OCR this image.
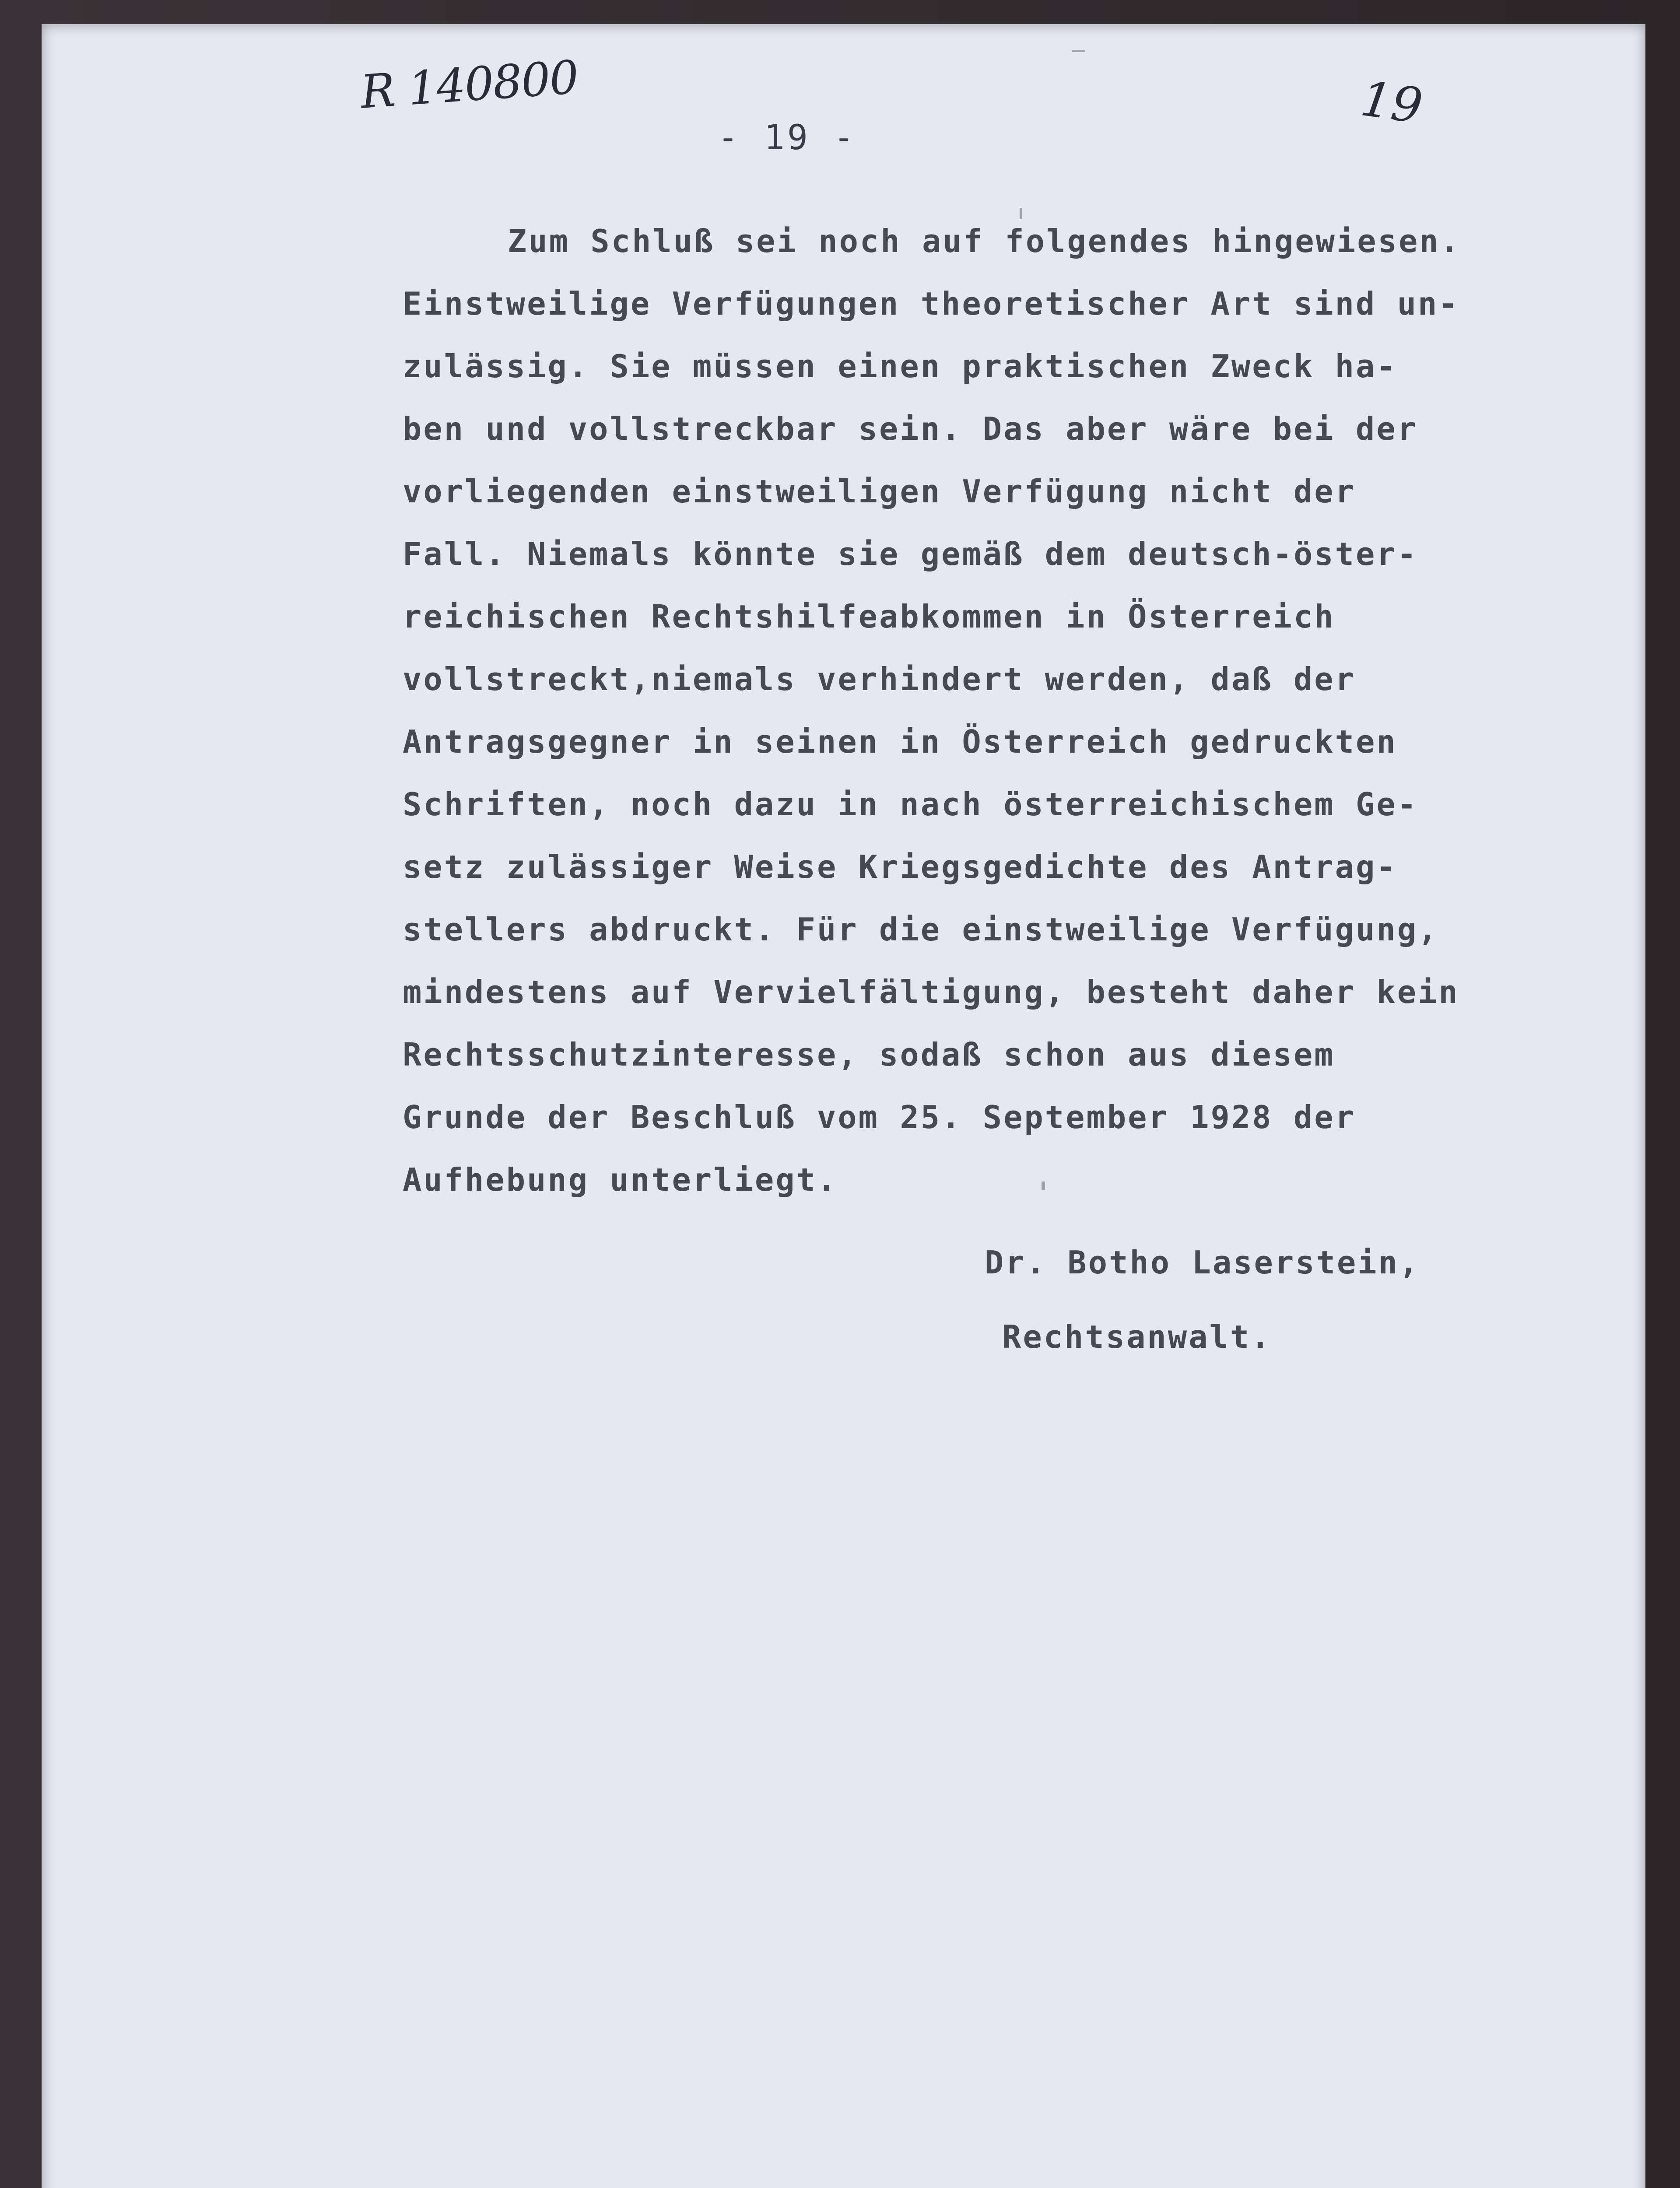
R 140800	19
- 19 -
Zum Schluß sei noch auf folgendes hingewiesen.
Einstweilige Verfügungen theoretischer Art sind un-
zulässig. Sie müssen einen praktischen Zweck ha-
ben und vollstreckbar sein. Das aber wäre bei der
vorliegenden einstweiligen Verfügung nicht der
Fall. Niemals könnte sie gemäß dem deutsch-öster-
reichischen Rechtshilfeabkommen in Österreich
vollstreckt,niemals verhindert werden, daß der
Antragsgegner in seinen in Österreich gedruckten
Schriften, noch dazu in nach österreichischem Ge-
setz zulässiger Weise Kriegsgedichte des Antrag-
stellers abdruckt. Für die einstweilige Verfügung,
mindestens auf Vervielfältigung, besteht daher kein
Rechtsschutzinteresse, sodaß schon aus diesem
Grunde der Beschluß vom 25. September 1928 der
Aufhebung unterliegt.
Dr. Botho Laserstein,
Rechtsanwalt.
